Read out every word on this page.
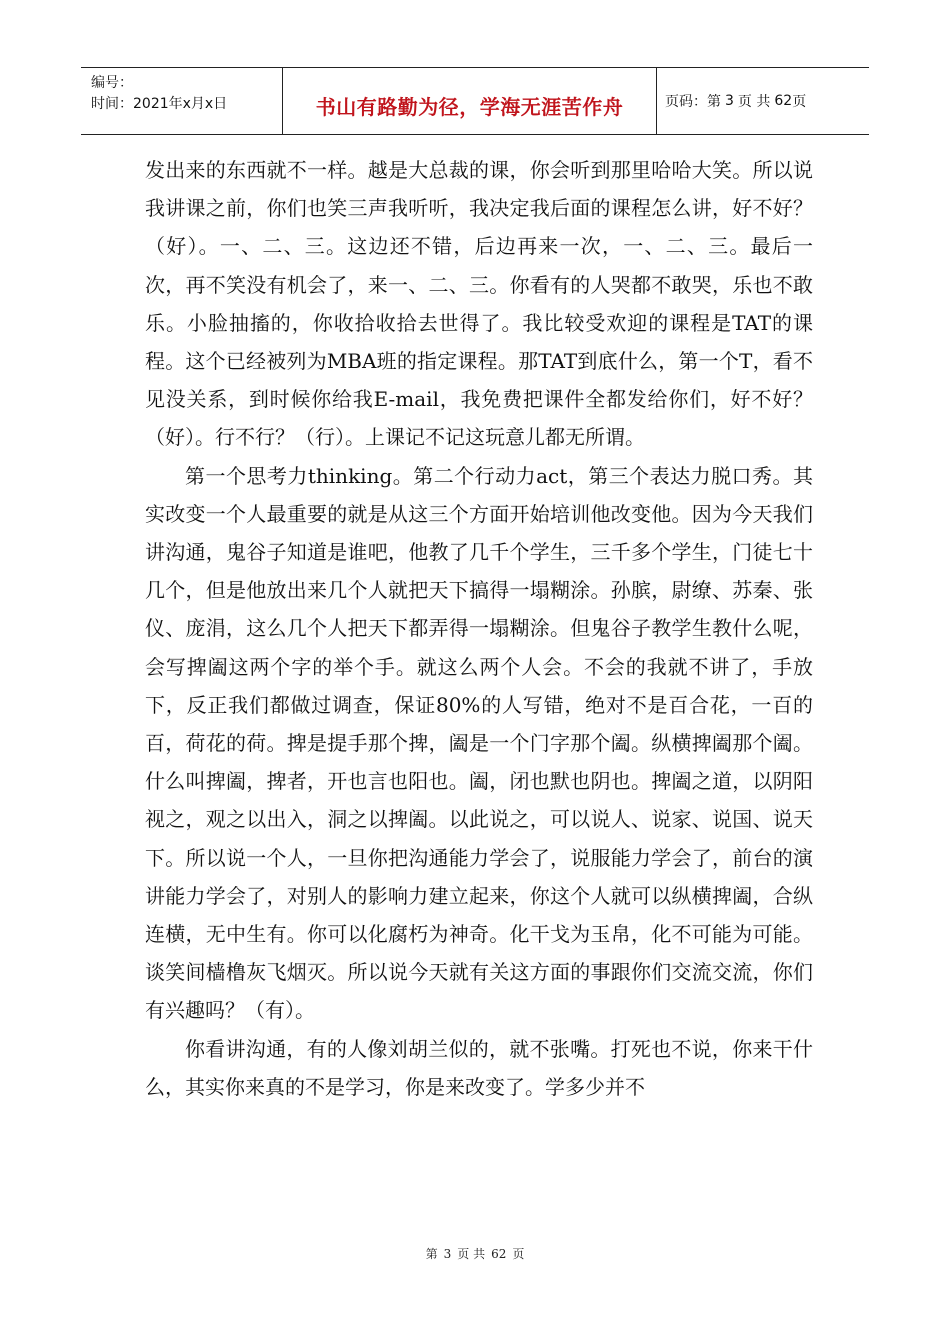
编号：
时间：2021年x月x日	书山有路勤为径，学海无涯苦作舟	页码：第 3 页 共 62 页

发出来的东西就不一样。越是大总裁的课，你会听到那里哈哈大笑。所以说我讲课之前，你们也笑三声我听听，我决定我后面的课程怎么讲，好不好？（好）。一、二、三。这边还不错，后边再来一次，一、二、三。最后一次，再不笑没有机会了，来一、二、三。你看有的人哭都不敢哭，乐也不敢乐。小脸抽搐的，你收拾收拾去世得了。我比较受欢迎的课程是TAT的课程。这个已经被列为MBA班的指定课程。那TAT到底什么，第一个T，看不见没关系，到时候你给我E-mail，我免费把课件全都发给你们，好不好？（好）。行不行？（行）。上课记不记这玩意儿都无所谓。

第一个思考力thinking。第二个行动力act，第三个表达力脱口秀。其实改变一个人最重要的就是从这三个方面开始培训他改变他。因为今天我们讲沟通，鬼谷子知道是谁吧，他教了几千个学生，三千多个学生，门徒七十几个，但是他放出来几个人就把天下搞得一塌糊涂。孙膑，尉缭、苏秦、张仪、庞涓，这么几个人把天下都弄得一塌糊涂。但鬼谷子教学生教什么呢，会写捭阖这两个字的举个手。就这么两个人会。不会的我就不讲了，手放下，反正我们都做过调查，保证80%的人写错，绝对不是百合花，一百的百，荷花的荷。捭是提手那个捭，阖是一个门字那个阖。纵横捭阖那个阖。什么叫捭阖，捭者，开也言也阳也。阖，闭也默也阴也。捭阖之道，以阴阳视之，观之以出入，洞之以捭阖。以此说之，可以说人、说家、说国、说天下。所以说一个人，一旦你把沟通能力学会了，说服能力学会了，前台的演讲能力学会了，对别人的影响力建立起来，你这个人就可以纵横捭阖，合纵连横，无中生有。你可以化腐朽为神奇。化干戈为玉帛，化不可能为可能。谈笑间樯橹灰飞烟灭。所以说今天就有关这方面的事跟你们交流交流，你们有兴趣吗？（有）。

你看讲沟通，有的人像刘胡兰似的，就不张嘴。打死也不说，你来干什么，其实你来真的不是学习，你是来改变了。学多少并不

第 3 页 共 62 页
